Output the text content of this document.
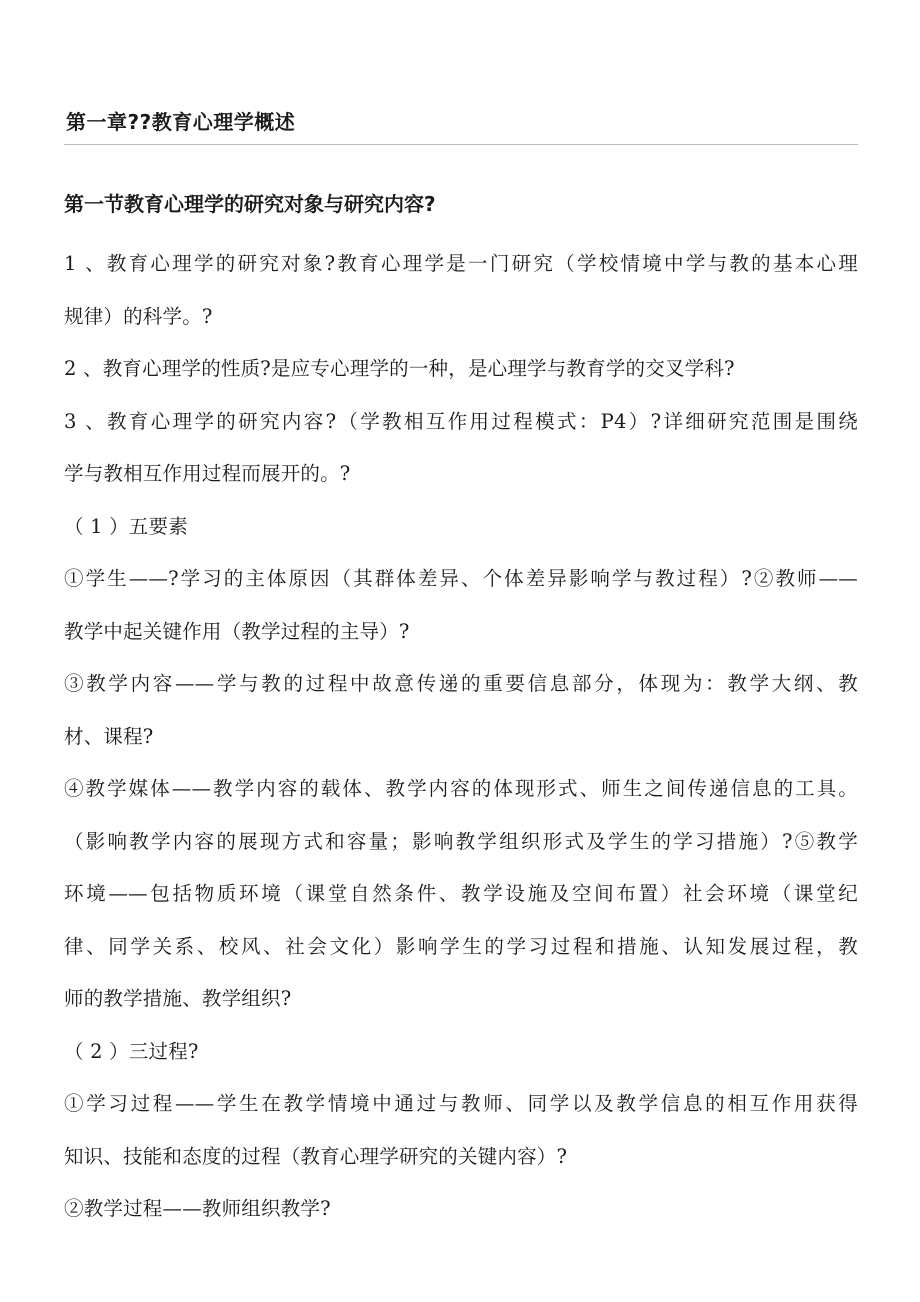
第一章??教育心理学概述
第一节教育心理学的研究对象与研究内容?
1 、教育心理学的研究对象?教育心理学是一门研究（学校情境中学与教的基本心理
规律）的科学。?
2 、教育心理学的性质?是应专心理学的一种，是心理学与教育学的交叉学科?
3 、教育心理学的研究内容?（学教相互作用过程模式：P4）?详细研究范围是围绕
学与教相互作用过程而展开的。?
（ 1 ）五要素
①学生——?学习的主体原因（其群体差异、个体差异影响学与教过程）?②教师——
教学中起关键作用（教学过程的主导）?
③教学内容——学与教的过程中故意传递的重要信息部分，体现为：教学大纲、教
材、课程?
④教学媒体——教学内容的载体、教学内容的体现形式、师生之间传递信息的工具。
（影响教学内容的展现方式和容量；影响教学组织形式及学生的学习措施）?⑤教学
环境——包括物质环境（课堂自然条件、教学设施及空间布置）社会环境（课堂纪
律、同学关系、校风、社会文化）影响学生的学习过程和措施、认知发展过程，教
师的教学措施、教学组织?
（ 2 ）三过程?
①学习过程——学生在教学情境中通过与教师、同学以及教学信息的相互作用获得
知识、技能和态度的过程（教育心理学研究的关键内容）?
②教学过程——教师组织教学?
